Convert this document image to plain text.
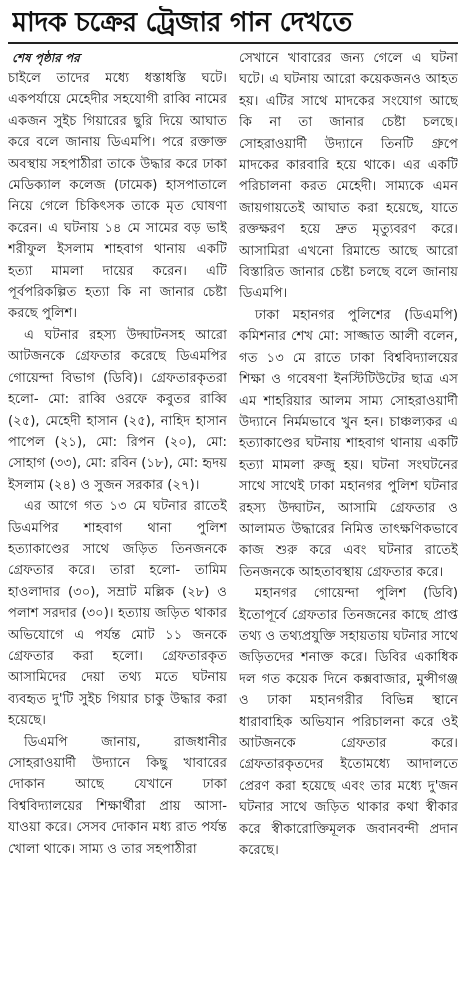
মাদক চক্রের ট্রেজার গান দেখতে
শেষ পৃষ্ঠার পর

চাইলে তাদের মধ্যে ধস্তাধস্তি ঘটে। একপর্যায়ে মেহেদীর সহযোগী রাব্বি নামের একজন সুইচ গিয়ারের ছুরি দিয়ে আঘাত করে বলে জানায় ডিএমপি। পরে রক্তাক্ত অবস্থায় সহপাঠীরা তাকে উদ্ধার করে ঢাকা মেডিক্যাল কলেজ (ঢামেক) হাসপাতালে নিয়ে গেলে চিকিৎসক তাকে মৃত ঘোষণা করেন। এ ঘটনায় ১৪ মে সামের বড় ভাই শরীফুল ইসলাম শাহবাগ থানায় একটি হত্যা মামলা দায়ের করেন। এটি পূর্বপরিকল্পিত হত্যা কি না জানার চেষ্টা করছে পুলিশ।

এ ঘটনার রহস্য উদ্ঘাটনসহ আরো আটজনকে গ্রেফতার করেছে ডিএমপির গোয়েন্দা বিভাগ (ডিবি)। গ্রেফতারকৃতরা হলো- মো: রাব্বি ওরফে কবুতর রাব্বি (২৫), মেহেদী হাসান (২৫), নাহিদ হাসান পাপেল (২১), মো: রিপন (২০), মো: সোহাগ (৩৩), মো: রবিন (১৮), মো: হৃদয় ইসলাম (২৪) ও সুজন সরকার (২৭)।

এর আগে গত ১৩ মে ঘটনার রাতেই ডিএমপির শাহবাগ থানা পুলিশ হত্যাকাণ্ডের সাথে জড়িত তিনজনকে গ্রেফতার করে। তারা হলো- তামিম হাওলাদার (৩০), সম্রাট মল্লিক (২৮) ও পলাশ সরদার (৩০)। হত্যায় জড়িত থাকার অভিযোগে এ পর্যন্ত মোট ১১ জনকে গ্রেফতার করা হলো। গ্রেফতারকৃত আসামিদের দেয়া তথ্য মতে ঘটনায় ব্যবহৃত দু'টি সুইচ গিয়ার চাকু উদ্ধার করা হয়েছে।

ডিএমপি জানায়, রাজধানীর সোহরাওয়ার্দী উদ্যানে কিছু খাবারের দোকান আছে যেখানে ঢাকা বিশ্ববিদ্যালয়ের শিক্ষার্থীরা প্রায় আসা-যাওয়া করে। সেসব দোকান মধ্য রাত পর্যন্ত খোলা থাকে। সাম্য ও তার সহপাঠীরা

সেখানে খাবারের জন্য গেলে এ ঘটনা ঘটে। এ ঘটনায় আরো কয়েকজনও আহত হয়। এটির সাথে মাদকের সংযোগ আছে কি না তা জানার চেষ্টা চলছে। সোহরাওয়ার্দী উদ্যানে তিনটি গ্রুপে মাদকের কারবারি হয়ে থাকে। এর একটি পরিচালনা করত মেহেদী। সাম্যকে এমন জায়গায়তেই আঘাত করা হয়েছে, যাতে রক্তক্ষরণ হয়ে দ্রুত মৃত্যুবরণ করে। আসামিরা এখনো রিমান্ডে আছে আরো বিস্তারিত জানার চেষ্টা চলছে বলে জানায় ডিএমপি।

ঢাকা মহানগর পুলিশের (ডিএমপি) কমিশনার শেখ মো: সাজ্জাত আলী বলেন, গত ১৩ মে রাতে ঢাকা বিশ্ববিদ্যালয়ের শিক্ষা ও গবেষণা ইনস্টিটিউটের ছাত্র এস এম শাহরিয়ার আলম সাম্য সোহরাওয়ার্দী উদ্যানে নির্মমভাবে খুন হন। চাঞ্চল্যকর এ হত্যাকাণ্ডের ঘটনায় শাহবাগ থানায় একটি হত্যা মামলা রুজু হয়। ঘটনা সংঘটনের সাথে সাথেই ঢাকা মহানগর পুলিশ ঘটনার রহস্য উদ্ঘাটন, আসামি গ্রেফতার ও আলামত উদ্ধারের নিমিত্ত তাৎক্ষণিকভাবে কাজ শুরু করে এবং ঘটনার রাতেই তিনজনকে আহতাবস্থায় গ্রেফতার করে।

মহানগর গোয়েন্দা পুলিশ (ডিবি) ইতোপূর্বে গ্রেফতার তিনজনের কাছে প্রাপ্ত তথ্য ও তথ্যপ্রযুক্তি সহায়তায় ঘটনার সাথে জড়িতদের শনাক্ত করে। ডিবির একাধিক দল গত কয়েক দিনে কক্সবাজার, মুন্সীগঞ্জ ও ঢাকা মহানগরীর বিভিন্ন স্থানে ধারাবাহিক অভিযান পরিচালনা করে ওই আটজনকে গ্রেফতার করে। গ্রেফতারকৃতদের ইতোমধ্যে আদালতে প্রেরণ করা হয়েছে এবং তার মধ্যে দু'জন ঘটনার সাথে জড়িত থাকার কথা স্বীকার করে স্বীকারোক্তিমূলক জবানবন্দী প্রদান করেছে।
